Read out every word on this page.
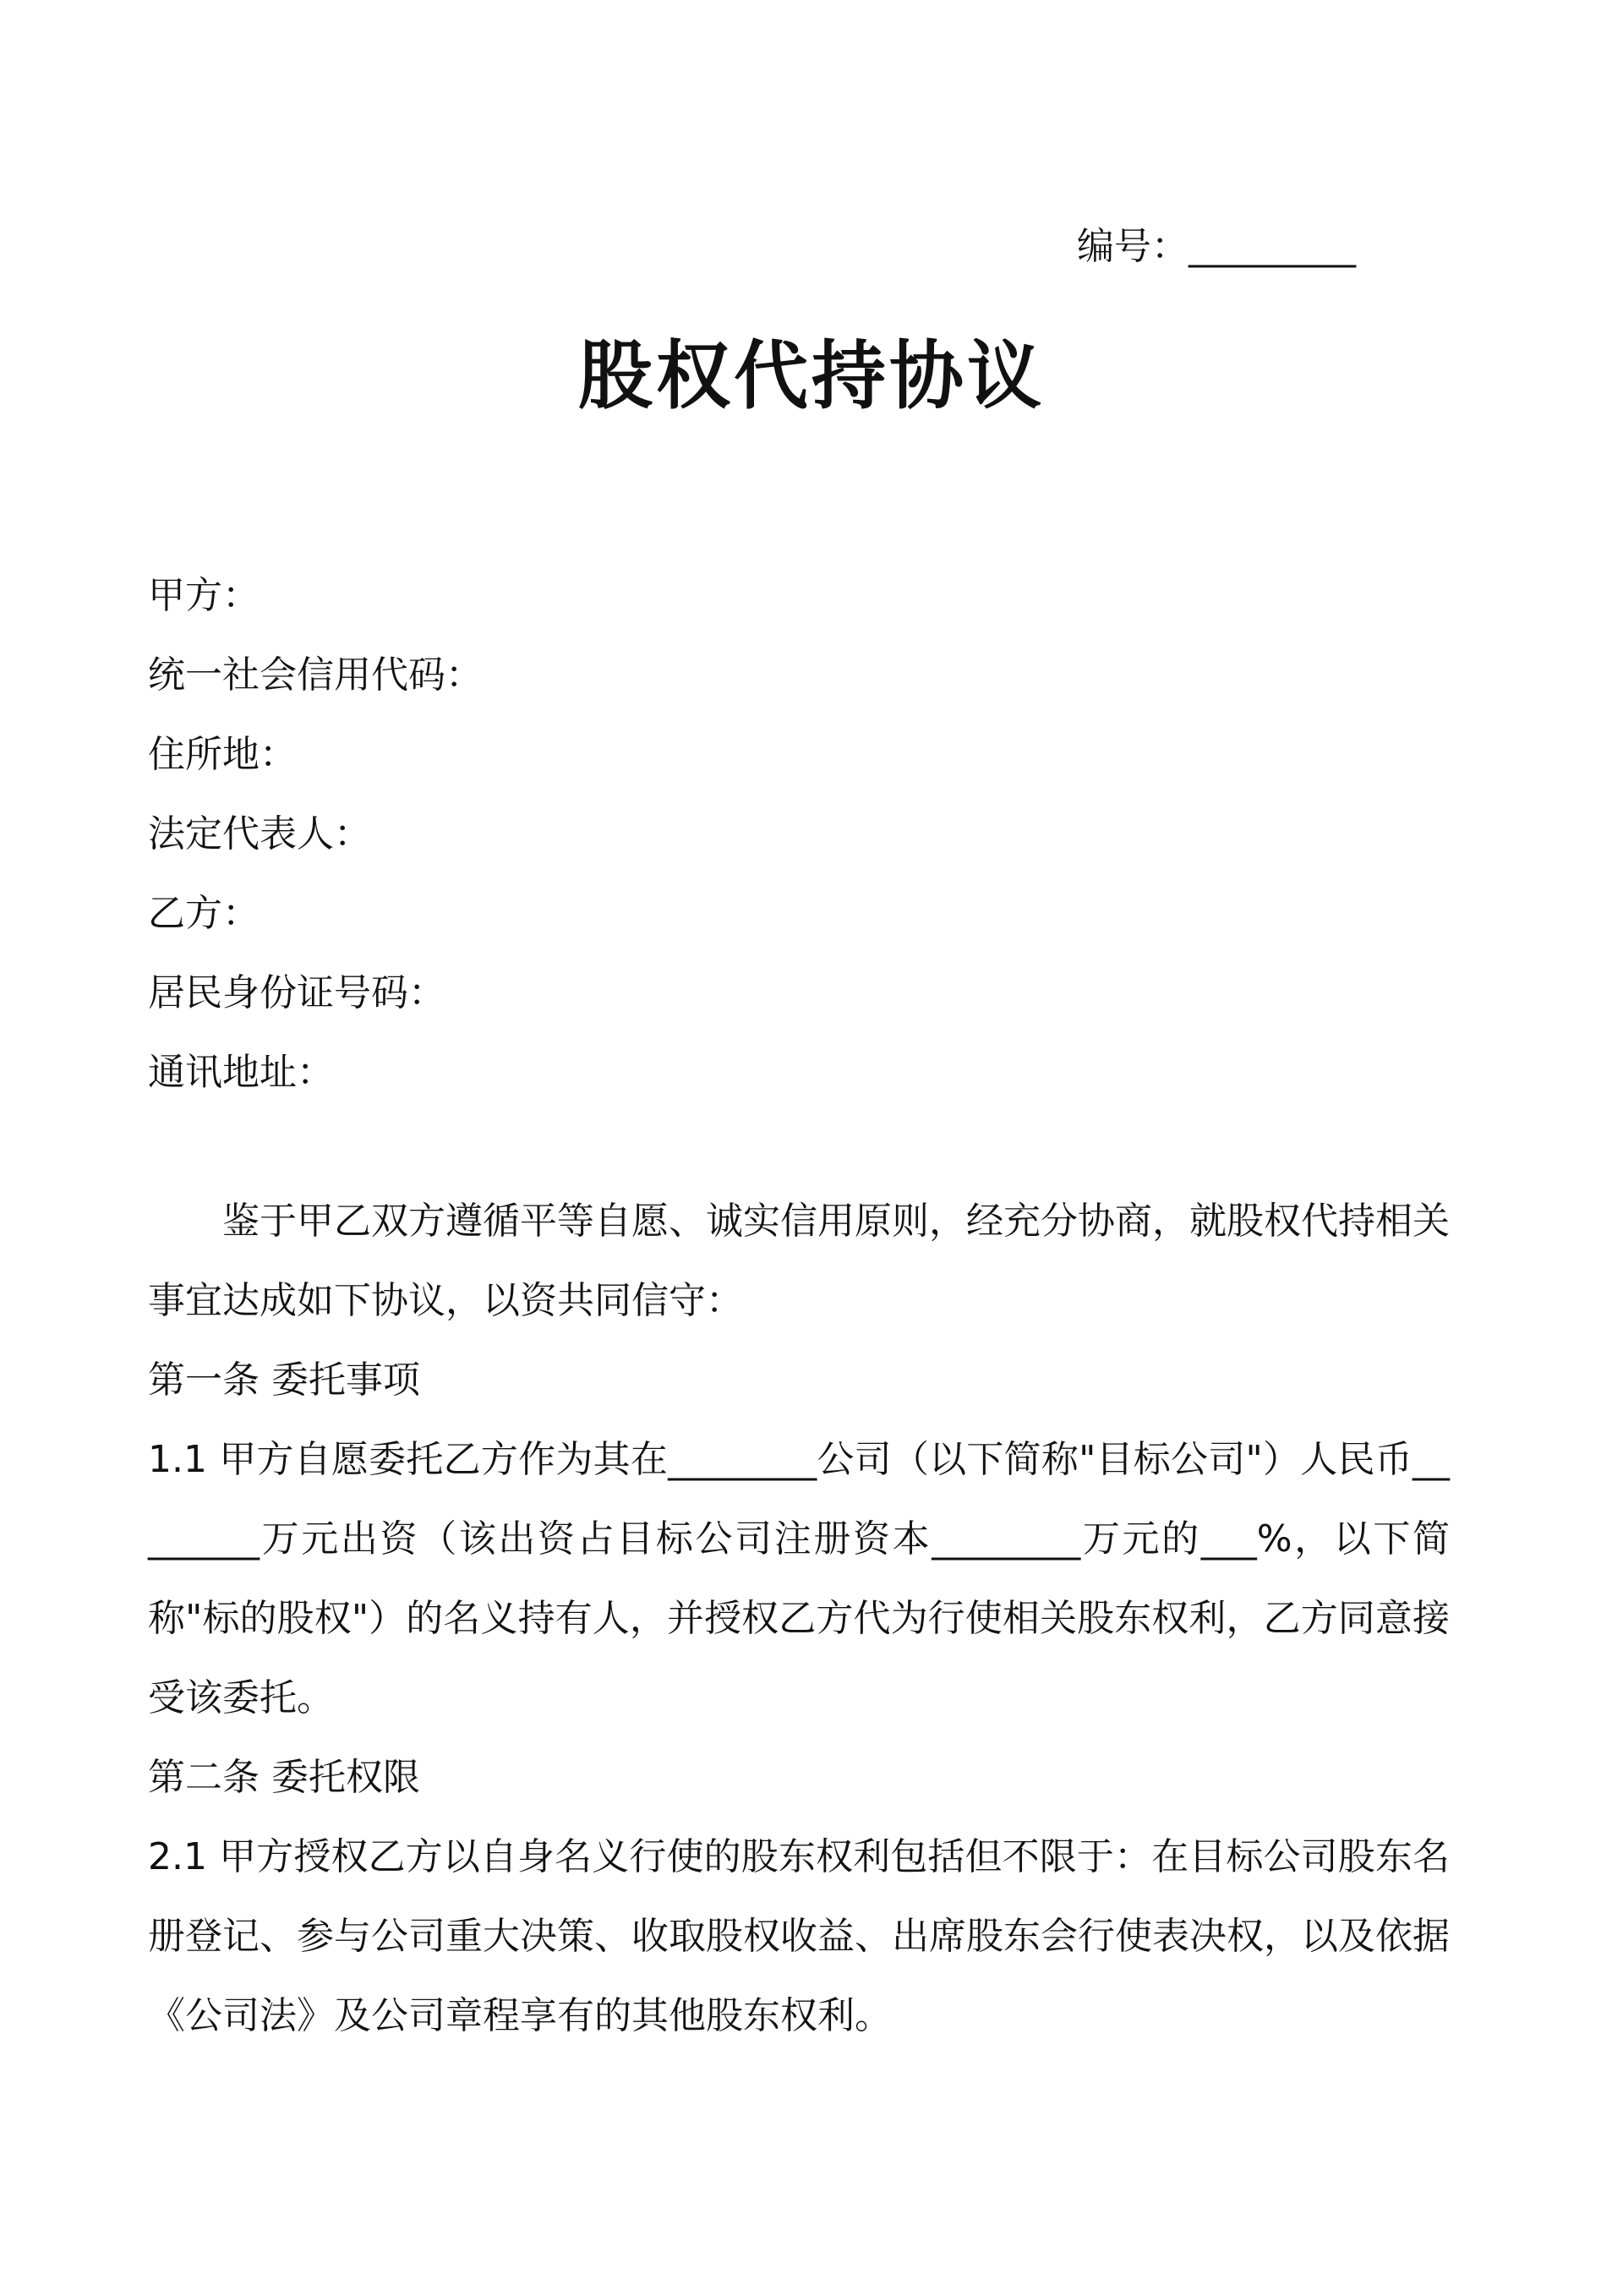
编号：_________
股权代持协议
甲方：
统一社会信用代码：
住所地：
法定代表人：
乙方：
居民身份证号码：
通讯地址：

鉴于甲乙双方遵循平等自愿、诚实信用原则，经充分协商，就股权代持相关事宜达成如下协议，以资共同信守：

第一条 委托事项

1.1 甲方自愿委托乙方作为其在________公司（以下简称"目标公司"）人民币________万元出资（该出资占目标公司注册资本________万元的___%，以下简称"标的股权"）的名义持有人，并授权乙方代为行使相关股东权利，乙方同意接受该委托。

第二条 委托权限

2.1 甲方授权乙方以自身名义行使的股东权利包括但不限于：在目标公司股东名册登记、参与公司重大决策、收取股权收益、出席股东会行使表决权，以及依据《公司法》及公司章程享有的其他股东权利。
